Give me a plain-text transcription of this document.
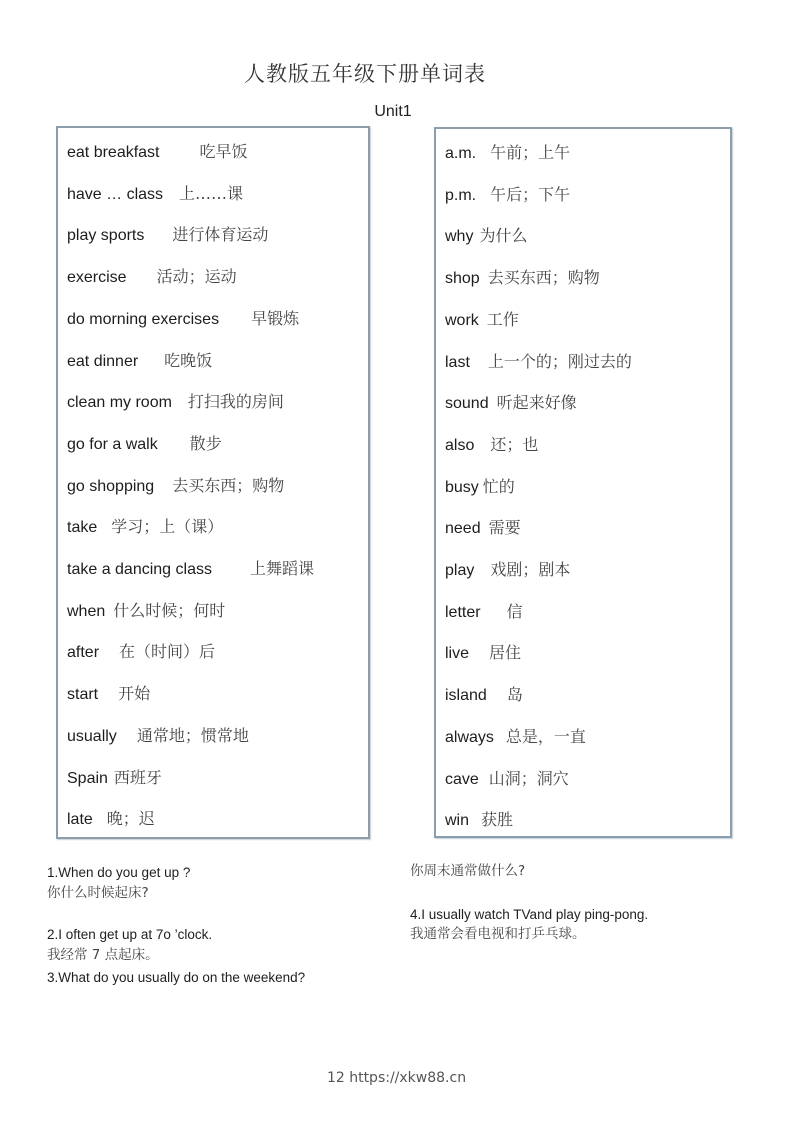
人教版五年级下册单词表
Unit1
eat breakfast	吃早饭
have … class 上……课
play sports 进行体育运动
exercise 活动；运动
do morning exercises 早锻炼
eat dinner 吃晚饭
clean my room 打扫我的房间
go for a walk 散步
go shopping 去买东西；购物
take 学习；上（课）
take a dancing class 上舞蹈课
when 什么时候；何时
after 在（时间）后
start 开始
usually 通常地；惯常地
Spain 西班牙
late 晚；迟
a.m. 午前；上午
p.m. 午后；下午
why 为什么
shop 去买东西；购物
work 工作
last 上一个的；刚过去的
sound 听起来好像
also 还；也
busy 忙的
need 需要
play 戏剧；剧本
letter 信
live 居住
island 岛
always 总是，一直
cave 山洞；洞穴
win 获胜
1.When do you get up ?
你什么时候起床?
2.I often get up at 7o ’clock.
我经常 7 点起床。
3.What do you usually do on the weekend?
你周末通常做什么?
4.I usually watch TVand play ping-pong.
我通常会看电视和打乒乓球。
12 https://xkw88.cn
